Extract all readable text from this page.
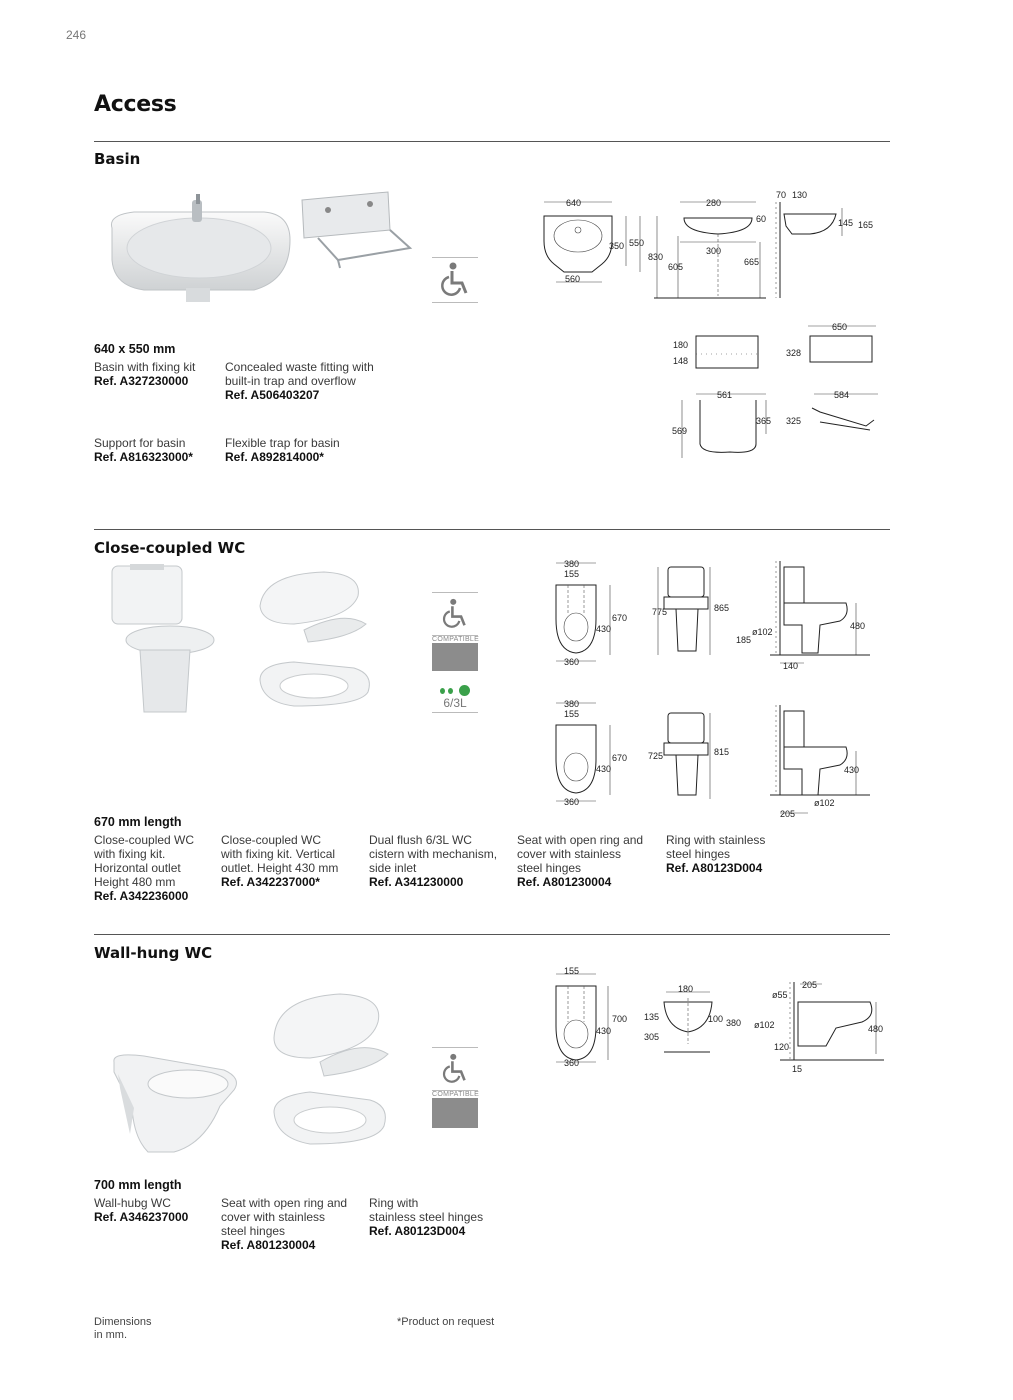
246
Access
Basin
640 x 550 mm
Basin with fixing kit
Ref. A327230000
Concealed waste fitting with
built-in trap and overflow
Ref. A506403207
Support for basin
Ref. A816323000*
Flexible trap for basin
Ref. A892814000*
640
560
350 550
280
300
830
605	665
70 130
60	145 165
180
148
561
569
365
650
328
584
325
Close-coupled WC
COMPATIBLE
6/3L
670 mm length
Close-coupled WC
with fixing kit.
Horizontal outlet
Height 480 mm
Ref. A342236000
Close-coupled WC
with fixing kit. Vertical
outlet. Height 430 mm
Ref. A342237000*
Dual flush 6/3L WC
cistern with mechanism,
side inlet
Ref. A341230000
Seat with open ring and
cover with stainless
steel hinges
Ref. A801230004
Ring with stainless
steel hinges
Ref. A80123D004
380
155
670
430
360
775	865
480
ø102
185
140
380
155
670
430
360
725	815
430
ø102
205
Wall-hung WC
COMPATIBLE
700 mm length
Wall-hubg WC
Ref. A346237000
Seat with open ring and
cover with stainless
steel hinges
Ref. A801230004
Ring with
stainless steel hinges
Ref. A80123D004
155
700
430
360
180
135	100 380
305
205
ø55
480
ø102
120
15
Dimensions
in mm.
*Product on request
